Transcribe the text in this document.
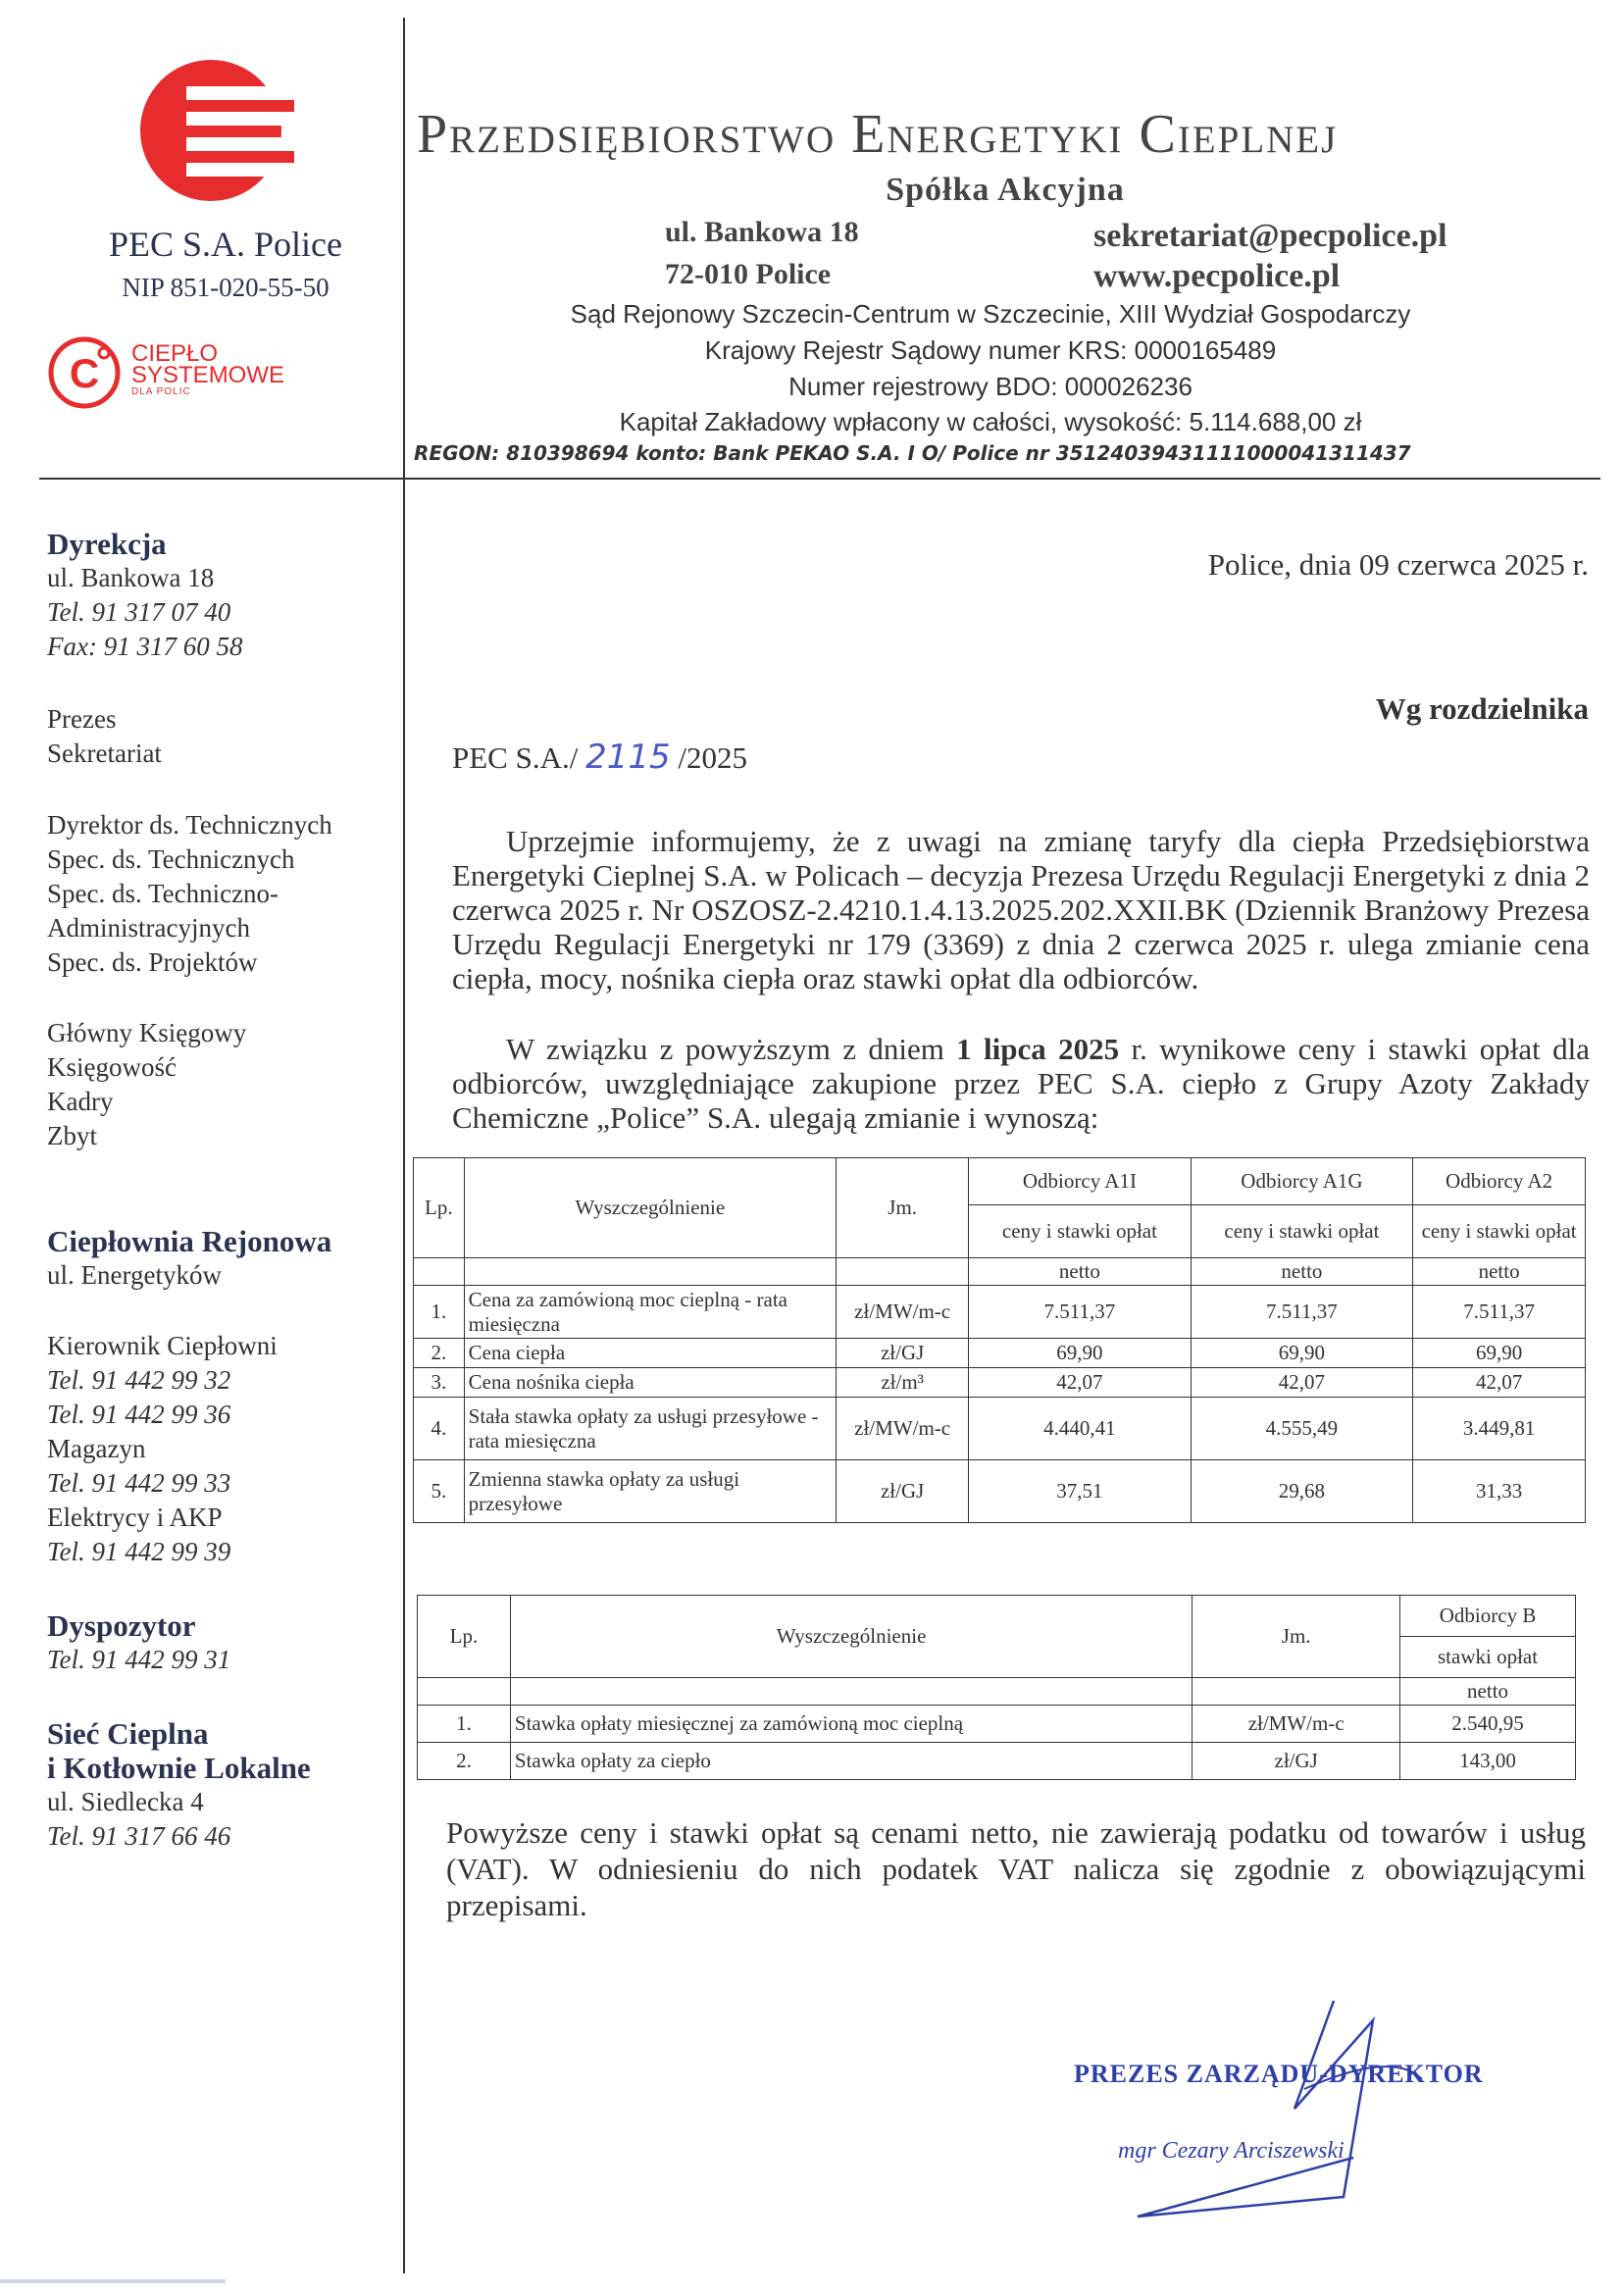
PEC S.A. Police
NIP 851-020-55-50
C CIEPŁO
SYSTEMOWE
DLA POLIC
Przedsiębiorstwo Energetyki Cieplnej
Spółka Akcyjna
ul. Bankowa 18
72-010 Police
sekretariat@pecpolice.pl
www.pecpolice.pl
Sąd Rejonowy Szczecin-Centrum w Szczecinie, XIII Wydział Gospodarczy
Krajowy Rejestr Sądowy numer KRS: 0000165489
Numer rejestrowy BDO: 000026236
Kapitał Zakładowy wpłacony w całości, wysokość: 5.114.688,00 zł
REGON: 810398694 konto: Bank PEKAO S.A. I O/ Police nr 35124039431111000041311437

Dyrekcja

ul. Bankowa 18

Tel. 91 317 07 40

Fax: 91 317 60 58

Prezes

Sekretariat

Dyrektor ds. Technicznych

Spec. ds. Technicznych

Spec. ds. Techniczno-

Administracyjnych

Spec. ds. Projektów

Główny Księgowy

Księgowość

Kadry

Zbyt

Ciepłownia Rejonowa

ul. Energetyków

Kierownik Ciepłowni

Tel. 91 442 99 32

Tel. 91 442 99 36

Magazyn

Tel. 91 442 99 33

Elektrycy i AKP

Tel. 91 442 99 39

Dyspozytor

Tel. 91 442 99 31

Sieć Cieplna

i Kotłownie Lokalne

ul. Siedlecka 4

Tel. 91 317 66 46

Police, dnia 09 czerwca 2025 r.
Wg rozdzielnika
PEC S.A./ 2115 /2025

Uprzejmie informujemy, że z uwagi na zmianę taryfy dla ciepła Przedsiębiorstwa Energetyki Cieplnej S.A. w Policach – decyzja Prezesa Urzędu Regulacji Energetyki z dnia 2 czerwca 2025 r. Nr OSZOSZ-2.4210.1.4.13.2025.202.XXII.BK (Dziennik Branżowy Prezesa Urzędu Regulacji Energetyki nr 179 (3369) z dnia 2 czerwca 2025 r. ulega zmianie cena ciepła, mocy, nośnika ciepła oraz stawki opłat dla odbiorców.

W związku z powyższym z dniem 1 lipca 2025 r. wynikowe ceny i stawki opłat dla odbiorców, uwzględniające zakupione przez PEC S.A. ciepło z Grupy Azoty Zakłady Chemiczne „Police” S.A. ulegają zmianie i wynoszą:

Lp.	Wyszczególnienie	Jm.	Odbiorcy A1I	Odbiorcy A1G	Odbiorcy A2
			ceny i stawki opłat	ceny i stawki opłat	ceny i stawki opłat
			netto	netto	netto
1.	Cena za zamówioną moc cieplną - rata miesięczna	zł/MW/m-c	7.511,37	7.511,37	7.511,37
2.	Cena ciepła	zł/GJ	69,90	69,90	69,90
3.	Cena nośnika ciepła	zł/m³	42,07	42,07	42,07
4.	Stała stawka opłaty za usługi przesyłowe - rata miesięczna	zł/MW/m-c	4.440,41	4.555,49	3.449,81
5.	Zmienna stawka opłaty za usługi przesyłowe	zł/GJ	37,51	29,68	31,33
Lp.	Wyszczególnienie	Jm.	Odbiorcy B
			stawki opłat
			netto
1.	Stawka opłaty miesięcznej za zamówioną moc cieplną	zł/MW/m-c	2.540,95
2.	Stawka opłaty za ciepło	zł/GJ	143,00
Powyższe ceny i stawki opłat są cenami netto, nie zawierają podatku od towarów i usług (VAT). W odniesieniu do nich podatek VAT nalicza się zgodnie z obowiązującymi przepisami.
PREZES ZARZĄDU-DYREKTOR
mgr Cezary Arciszewski
